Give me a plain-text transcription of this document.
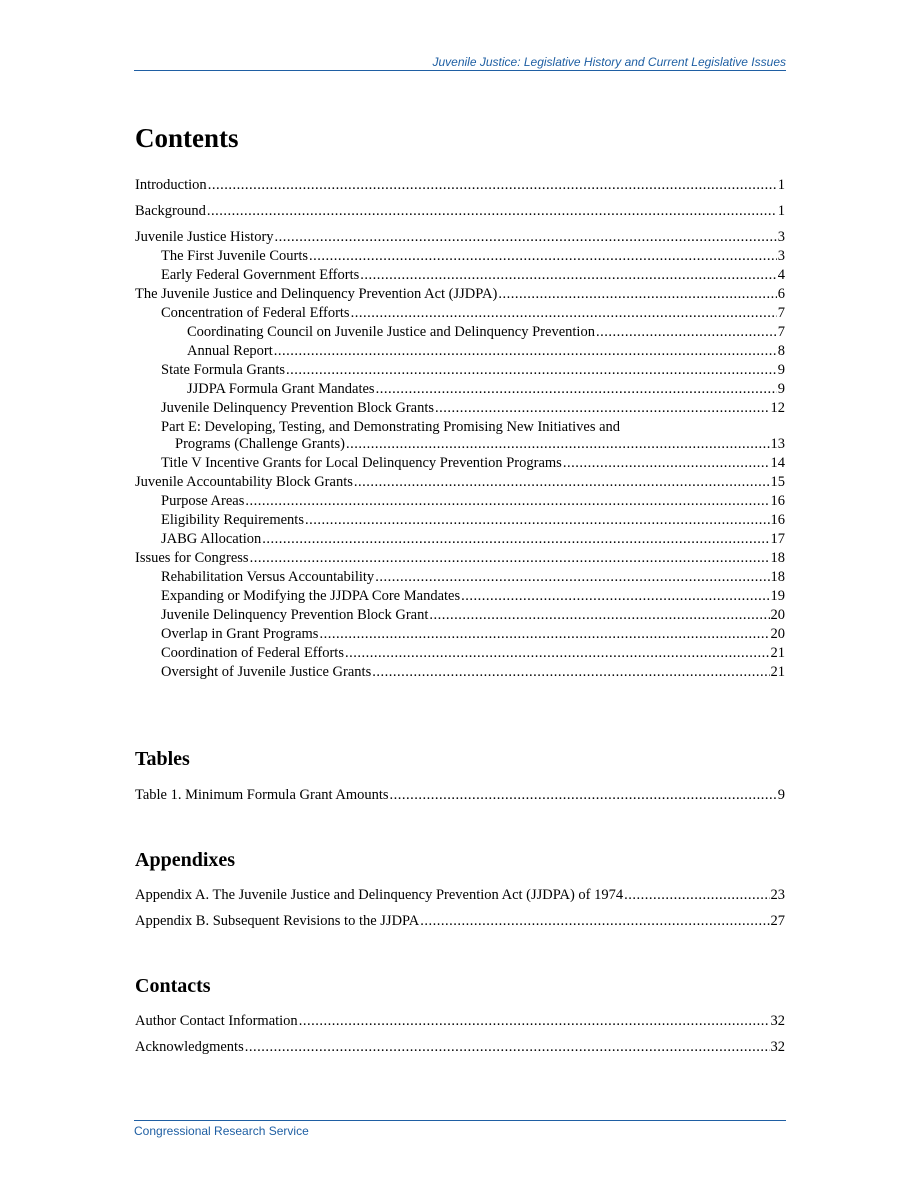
Juvenile Justice: Legislative History and Current Legislative Issues
Contents
Introduction .....	1
Background .....	1
Juvenile Justice History .....	3
The First Juvenile Courts .....	3
Early Federal Government Efforts .....	4
The Juvenile Justice and Delinquency Prevention Act (JJDPA) .....	6
Concentration of Federal Efforts .....	7
Coordinating Council on Juvenile Justice and Delinquency Prevention .....	7
Annual Report .....	8
State Formula Grants .....	9
JJDPA Formula Grant Mandates .....	9
Juvenile Delinquency Prevention Block Grants .....	12
Part E: Developing, Testing, and Demonstrating Promising New Initiatives and
Programs (Challenge Grants) .....	13
Title V Incentive Grants for Local Delinquency Prevention Programs .....	14
Juvenile Accountability Block Grants .....	15
Purpose Areas .....	16
Eligibility Requirements .....	16
JABG Allocation .....	17
Issues for Congress .....	18
Rehabilitation Versus Accountability .....	18
Expanding or Modifying the JJDPA Core Mandates .....	19
Juvenile Delinquency Prevention Block Grant .....	20
Overlap in Grant Programs .....	20
Coordination of Federal Efforts .....	21
Oversight of Juvenile Justice Grants .....	21
Tables
Table 1. Minimum Formula Grant Amounts .....	9
Appendixes
Appendix A. The Juvenile Justice and Delinquency Prevention Act (JJDPA) of 1974 .....	23
Appendix B. Subsequent Revisions to the JJDPA .....	27
Contacts
Author Contact Information .....	32
Acknowledgments .....	32
Congressional Research Service
